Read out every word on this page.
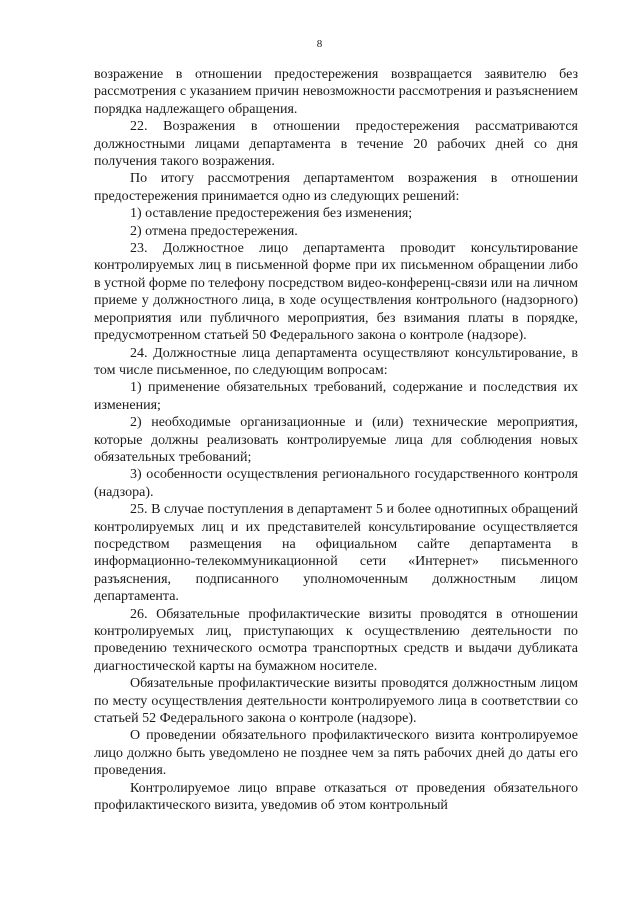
8

возражение в отношении предостережения возвращается заявителю без рассмотрения с указанием причин невозможности рассмотрения и разъяснением порядка надлежащего обращения.

22. Возражения в отношении предостережения рассматриваются должностными лицами департамента в течение 20 рабочих дней со дня получения такого возражения.

По итогу рассмотрения департаментом возражения в отношении предостережения принимается одно из следующих решений:

1) оставление предостережения без изменения;

2) отмена предостережения.

23. Должностное лицо департамента проводит консультирование контролируемых лиц в письменной форме при их письменном обращении либо в устной форме по телефону посредством видео-конференц-связи или на личном приеме у должностного лица, в ходе осуществления контрольного (надзорного) мероприятия или публичного мероприятия, без взимания платы в порядке, предусмотренном статьей 50 Федерального закона о контроле (надзоре).

24. Должностные лица департамента осуществляют консультирование, в том числе письменное, по следующим вопросам:

1) применение обязательных требований, содержание и последствия их изменения;

2) необходимые организационные и (или) технические мероприятия, которые должны реализовать контролируемые лица для соблюдения новых обязательных требований;

3) особенности осуществления регионального государственного контроля (надзора).

25. В случае поступления в департамент 5 и более однотипных обращений контролируемых лиц и их представителей консультирование осуществляется посредством размещения на официальном сайте департамента в информационно-телекоммуникационной сети «Интернет» письменного разъяснения, подписанного уполномоченным должностным лицом департамента.

26. Обязательные профилактические визиты проводятся в отношении контролируемых лиц, приступающих к осуществлению деятельности по проведению технического осмотра транспортных средств и выдачи дубликата диагностической карты на бумажном носителе.

Обязательные профилактические визиты проводятся должностным лицом по месту осуществления деятельности контролируемого лица в соответствии со статьей 52 Федерального закона о контроле (надзоре).

О проведении обязательного профилактического визита контролируемое лицо должно быть уведомлено не позднее чем за пять рабочих дней до даты его проведения.

Контролируемое лицо вправе отказаться от проведения обязательного профилактического визита, уведомив об этом контрольный
